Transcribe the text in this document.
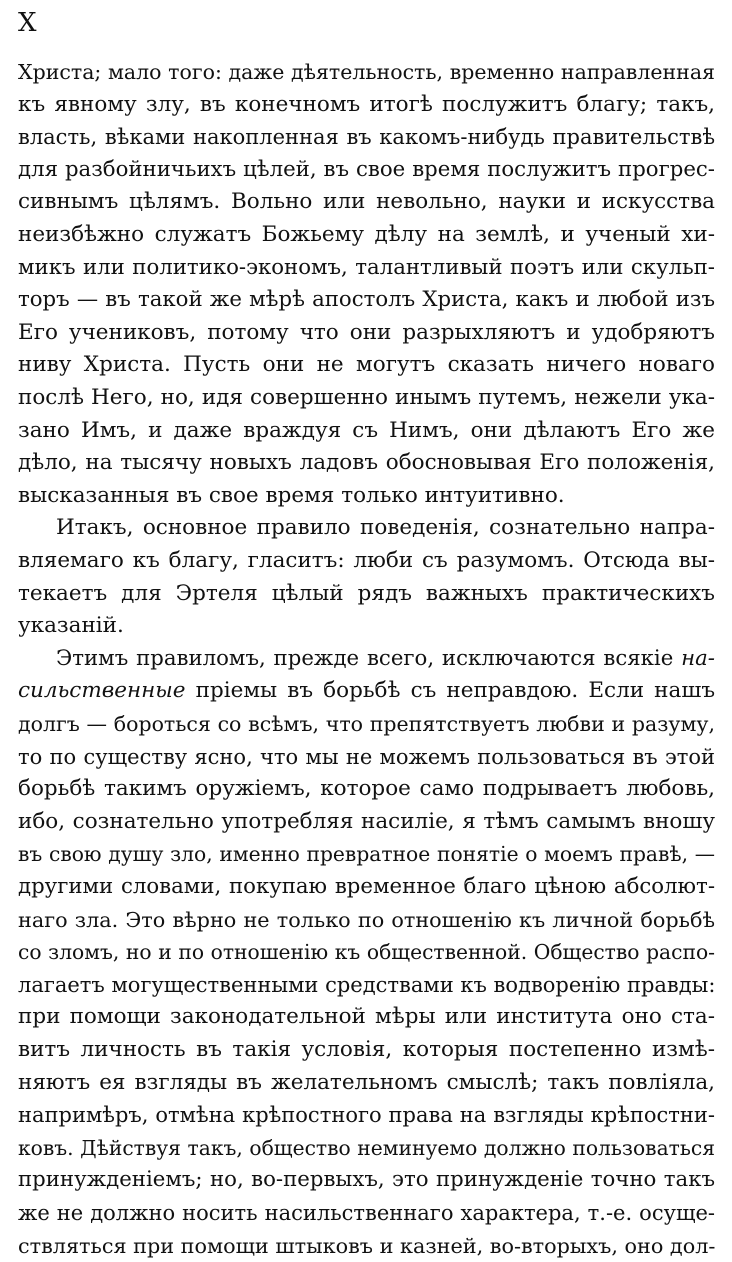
X
Христа; мало того: даже дѣятельность, временно направленная
къ явному злу, въ конечномъ итогѣ послужитъ благу; такъ,
власть, вѣками накопленная въ какомъ-нибудь правительствѣ
для разбойничьихъ цѣлей, въ свое время послужитъ прогрес-
сивнымъ цѣлямъ. Вольно или невольно, науки и искусства
неизбѣжно служатъ Божьему дѣлу на землѣ, и ученый хи-
микъ или политико-экономъ, талантливый поэтъ или скульп-
торъ — въ такой же мѣрѣ апостолъ Христа, какъ и любой изъ
Его учениковъ, потому что они разрыхляютъ и удобряютъ
ниву Христа. Пусть они не могутъ сказать ничего новаго
послѣ Него, но, идя совершенно инымъ путемъ, нежели ука-
зано Имъ, и даже враждуя съ Нимъ, они дѣлаютъ Его же
дѣло, на тысячу новыхъ ладовъ обосновывая Его положенія,
высказанныя въ свое время только интуитивно.
Итакъ, основное правило поведенія, сознательно напра-
вляемаго къ благу, гласитъ: люби съ разумомъ. Отсюда вы-
текаетъ для Эртеля цѣлый рядъ важныхъ практическихъ
указаній.
Этимъ правиломъ, прежде всего, исключаются всякіе на-
сильственные пріемы въ борьбѣ съ неправдою. Если нашъ
долгъ — бороться со всѣмъ, что препятствуетъ любви и разуму,
то по существу ясно, что мы не можемъ пользоваться въ этой
борьбѣ такимъ оружіемъ, которое само подрываетъ любовь,
ибо, сознательно употребляя насиліе, я тѣмъ самымъ вношу
въ свою душу зло, именно превратное понятіе о моемъ правѣ, —
другими словами, покупаю временное благо цѣною абсолют-
наго зла. Это вѣрно не только по отношенію къ личной борьбѣ
со зломъ, но и по отношенію къ общественной. Общество распо-
лагаетъ могущественными средствами къ водворенію правды:
при помощи законодательной мѣры или института оно ста-
витъ личность въ такія условія, которыя постепенно измѣ-
няютъ ея взгляды въ желательномъ смыслѣ; такъ повліяла,
напримѣръ, отмѣна крѣпостного права на взгляды крѣпостни-
ковъ. Дѣйствуя такъ, общество неминуемо должно пользоваться
принужденіемъ; но, во-первыхъ, это принужденіе точно такъ
же не должно носить насильственнаго характера, т.-е. осуще-
ствляться при помощи штыковъ и казней, во-вторыхъ, оно дол-
